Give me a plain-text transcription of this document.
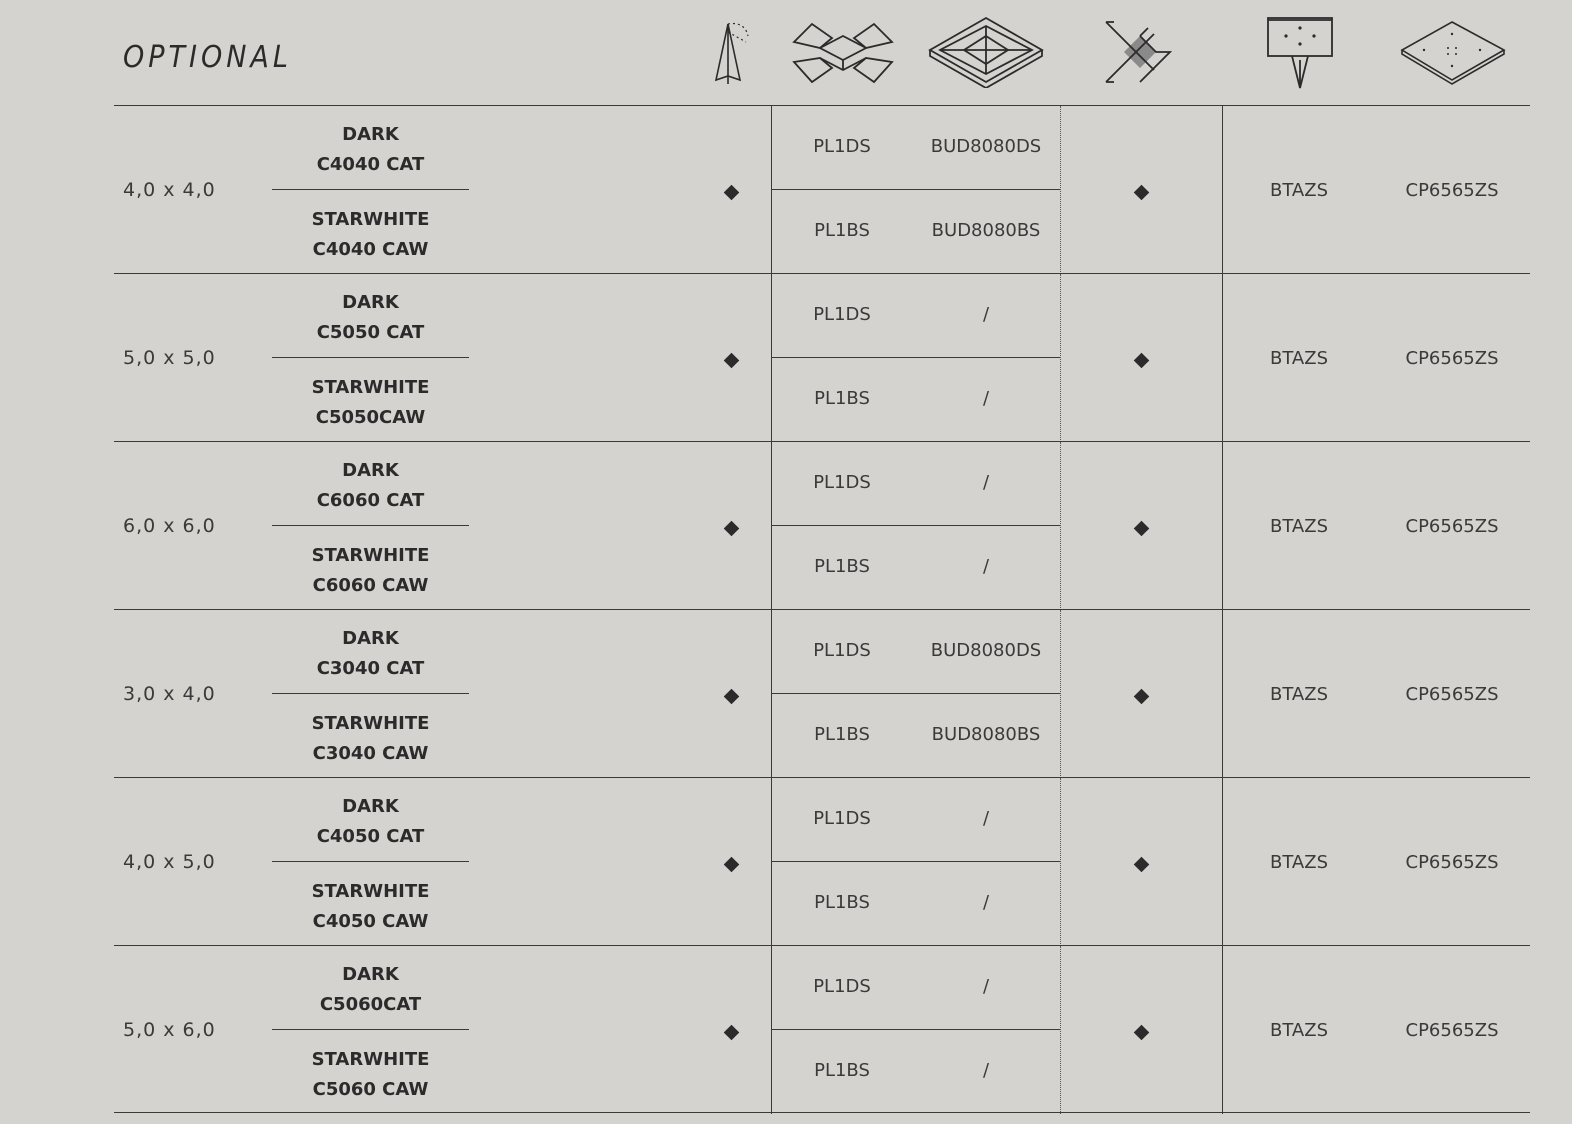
OPTIONAL
4,0 x 4,0
DARK
C4040 CAT
STARWHITE
C4040 CAW
PL1DS	BUD8080DS
PL1BS	BUD8080BS
BTAZS	CP6565ZS
5,0 x 5,0
DARK
C5050 CAT
STARWHITE
C5050CAW
PL1DS	/
PL1BS	/
BTAZS	CP6565ZS
6,0 x 6,0
DARK
C6060 CAT
STARWHITE
C6060 CAW
PL1DS	/
PL1BS	/
BTAZS	CP6565ZS
3,0 x 4,0
DARK
C3040 CAT
STARWHITE
C3040 CAW
PL1DS	BUD8080DS
PL1BS	BUD8080BS
BTAZS	CP6565ZS
4,0 x 5,0
DARK
C4050 CAT
STARWHITE
C4050 CAW
PL1DS	/
PL1BS	/
BTAZS	CP6565ZS
5,0 x 6,0
DARK
C5060CAT
STARWHITE
C5060 CAW
PL1DS	/
PL1BS	/
BTAZS	CP6565ZS
